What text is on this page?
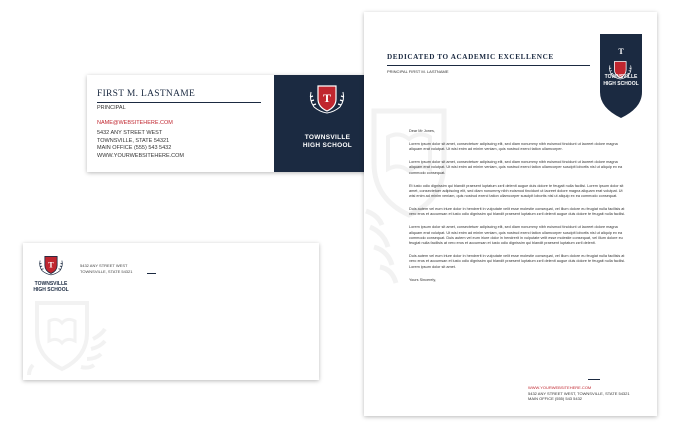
FIRST M. LASTNAME
PRINCIPAL
NAME@WEBSITEHERE.COM
5432 ANY STREET WEST
TOWNSVILLE, STATE 54321
MAIN OFFICE (555) 543 5432
WWW.YOURWEBSITEHERE.COM
T
TOWNSVILLE
HIGH SCHOOL
T
TOWNSVILLE
HIGH SCHOOL
5432 ANY STREET WEST
TOWNSVILLE, STATE 54321
DEDICATED TO ACADEMIC EXCELLENCE
PRINCIPAL FIRST M. LASTNAME
T
TOWNSVILLE
HIGH SCHOOL

Dear Mr Jones,

Lorem ipsum dolor sit amet, consectetuer adipiscing elit, sed diam nonummy nibh euismod tincidunt ut laoreet dolore magna aliquam erat volutpat. Ut wisi enim ad minim veniam, quis nostrud exerci tation ullamcorper.

Lorem ipsum dolor sit amet, consectetuer adipiscing elit, sed diam nonummy nibh euismod tincidunt ut laoreet dolore magna aliquam erat volutpat. Ut wisi enim ad minim veniam, quis nostrud exerci tation ullamcorper suscipit lobortis nisl ut aliquip ex ea commodo consequat.

Et iusto odio dignissim qui blandit praesent luptatum zzril delenit augue duis dolore te feugait nulla facilisi. Lorem ipsum dolor sit amet, consectetuer adipiscing elit, sed diam nonummy nibh euismod tincidunt ut laoreet dolore magna aliquam erat volutpat. Ut wisi enim ad minim veniam, quis nostrud exerci tation ullamcorper suscipit lobortis nisl ut aliquip ex ea commodo consequat.

Duis autem vel eum iriure dolor in hendrerit in vulputate velit esse molestie consequat, vel illum dolore eu feugiat nulla facilisis at vero eros et accumsan et iusto odio dignissim qui blandit praesent luptatum zzril delenit augue duis dolore te feugait nulla facilisi.

Lorem ipsum dolor sit amet, consectetuer adipiscing elit, sed diam nonummy nibh euismod tincidunt ut laoreet dolore magna aliquam erat volutpat. Ut wisi enim ad minim veniam, quis nostrud exerci tation ullamcorper suscipit lobortis nisl ut aliquip ex ea commodo consequat. Duis autem vel eum iriure dolor in hendrerit in vulputate velit esse molestie consequat, vel illum dolore eu feugiat nulla facilisis at vero eros et accumsan et iusto odio dignissim qui blandit praesent luptatum zzril delenit.

Duis autem vel eum iriure dolor in hendrerit in vulputate velit esse molestie consequat, vel illum dolore eu feugiat nulla facilisis at vero eros et accumsan et iusto odio dignissim qui blandit praesent luptatum zzril delenit augue duis dolore te feugait nulla facilisi. Lorem ipsum dolor sit amet.

Yours Sincerely,

WWW.YOURWEBSITEHERE.COM
5432 ANY STREET WEST, TOWNSVILLE, STATE 54321
MAIN OFFICE (555) 543 5432
